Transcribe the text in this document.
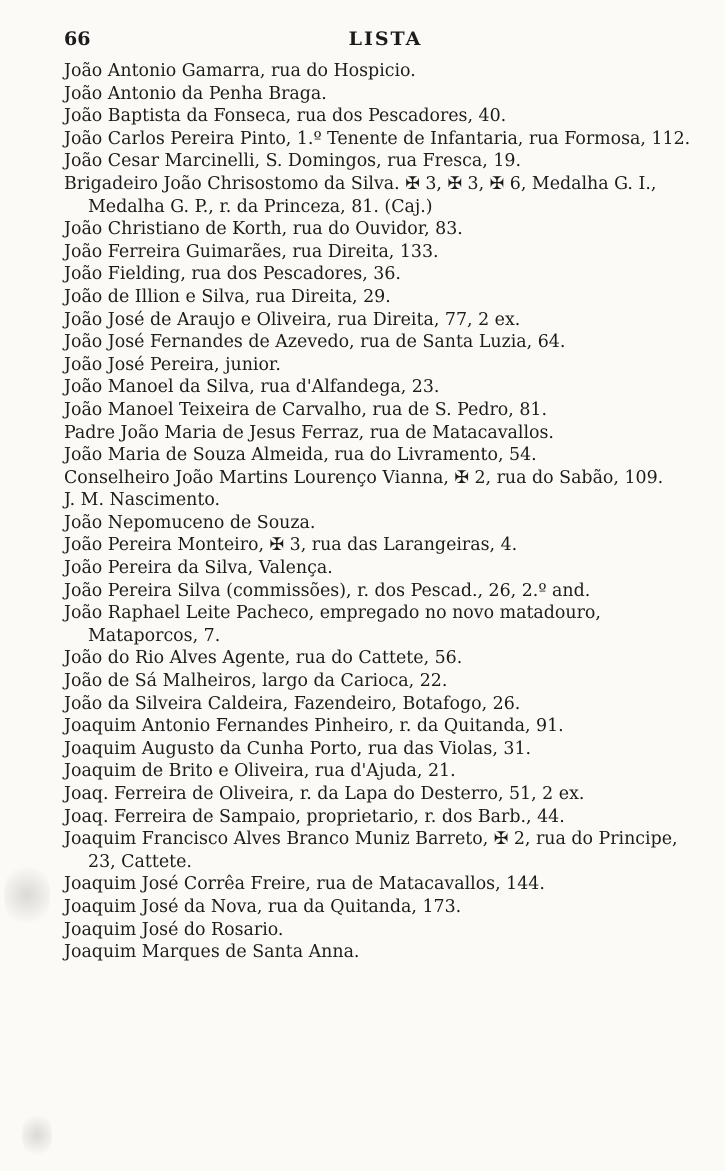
66	LISTA
João Antonio Gamarra, rua do Hospicio.
João Antonio da Penha Braga.
João Baptista da Fonseca, rua dos Pescadores, 40.
João Carlos Pereira Pinto, 1.º Tenente de Infantaria, rua Formosa, 112.
João Cesar Marcinelli, S. Domingos, rua Fresca, 19.
Brigadeiro João Chrisostomo da Silva. ✠ 3, ✠ 3, ✠ 6, Medalha G. I., Medalha G. P., r. da Princeza, 81. (Caj.)
João Christiano de Korth, rua do Ouvidor, 83.
João Ferreira Guimarães, rua Direita, 133.
João Fielding, rua dos Pescadores, 36.
João de Illion e Silva, rua Direita, 29.
João José de Araujo e Oliveira, rua Direita, 77, 2 ex.
João José Fernandes de Azevedo, rua de Santa Luzia, 64.
João José Pereira, junior.
João Manoel da Silva, rua d'Alfandega, 23.
João Manoel Teixeira de Carvalho, rua de S. Pedro, 81.
Padre João Maria de Jesus Ferraz, rua de Matacavallos.
João Maria de Souza Almeida, rua do Livramento, 54.
Conselheiro João Martins Lourenço Vianna, ✠ 2, rua do Sabão, 109.
J. M. Nascimento.
João Nepomuceno de Souza.
João Pereira Monteiro, ✠ 3, rua das Larangeiras, 4.
João Pereira da Silva, Valença.
João Pereira Silva (commissões), r. dos Pescad., 26, 2.º and.
João Raphael Leite Pacheco, empregado no novo matadouro, Mataporcos, 7.
João do Rio Alves Agente, rua do Cattete, 56.
João de Sá Malheiros, largo da Carioca, 22.
João da Silveira Caldeira, Fazendeiro, Botafogo, 26.
Joaquim Antonio Fernandes Pinheiro, r. da Quitanda, 91.
Joaquim Augusto da Cunha Porto, rua das Violas, 31.
Joaquim de Brito e Oliveira, rua d'Ajuda, 21.
Joaq. Ferreira de Oliveira, r. da Lapa do Desterro, 51, 2 ex.
Joaq. Ferreira de Sampaio, proprietario, r. dos Barb., 44.
Joaquim Francisco Alves Branco Muniz Barreto, ✠ 2, rua do Principe, 23, Cattete.
Joaquim José Corrêa Freire, rua de Matacavallos, 144.
Joaquim José da Nova, rua da Quitanda, 173.
Joaquim José do Rosario.
Joaquim Marques de Santa Anna.
